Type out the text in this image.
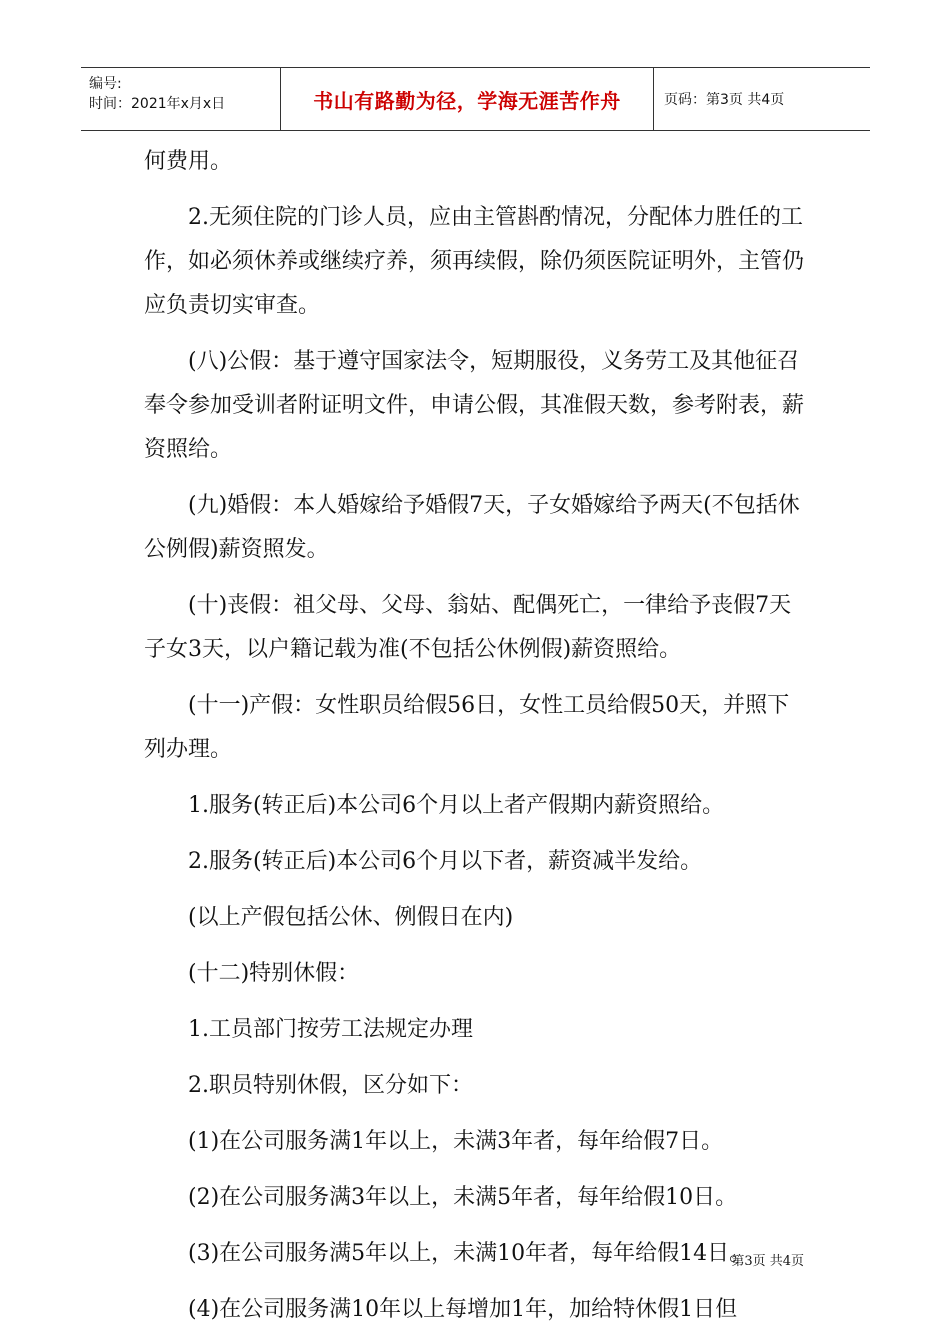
编号:
时间：2021年x月x日	书山有路勤为径，学海无涯苦作舟	页码：第3页 共4页

何费用。

2.无须住院的门诊人员，应由主管斟酌情况，分配体力胜任的工作，如必须休养或继续疗养，须再续假，除仍须医院证明外，主管仍应负责切实审查。

(八)公假：基于遵守国家法令，短期服役，义务劳工及其他征召奉令参加受训者附证明文件，申请公假，其准假天数，参考附表，薪资照给。

(九)婚假：本人婚嫁给予婚假7天，子女婚嫁给予两天(不包括休公例假)薪资照发。

(十)丧假：祖父母、父母、翁姑、配偶死亡，一律给予丧假7天子女3天，以户籍记载为准(不包括公休例假)薪资照给。

(十一)产假：女性职员给假56日，女性工员给假50天，并照下列办理。

1.服务(转正后)本公司6个月以上者产假期内薪资照给。

2.服务(转正后)本公司6个月以下者，薪资减半发给。

(以上产假包括公休、例假日在内)

(十二)特别休假：

1.工员部门按劳工法规定办理

2.职员特别休假，区分如下：

(1)在公司服务满1年以上，未满3年者，每年给假7日。

(2)在公司服务满3年以上，未满5年者，每年给假10日。

(3)在公司服务满5年以上，未满10年者，每年给假14日。

(4)在公司服务满10年以上每增加1年，加给特休假1日但

第3页 共4页
